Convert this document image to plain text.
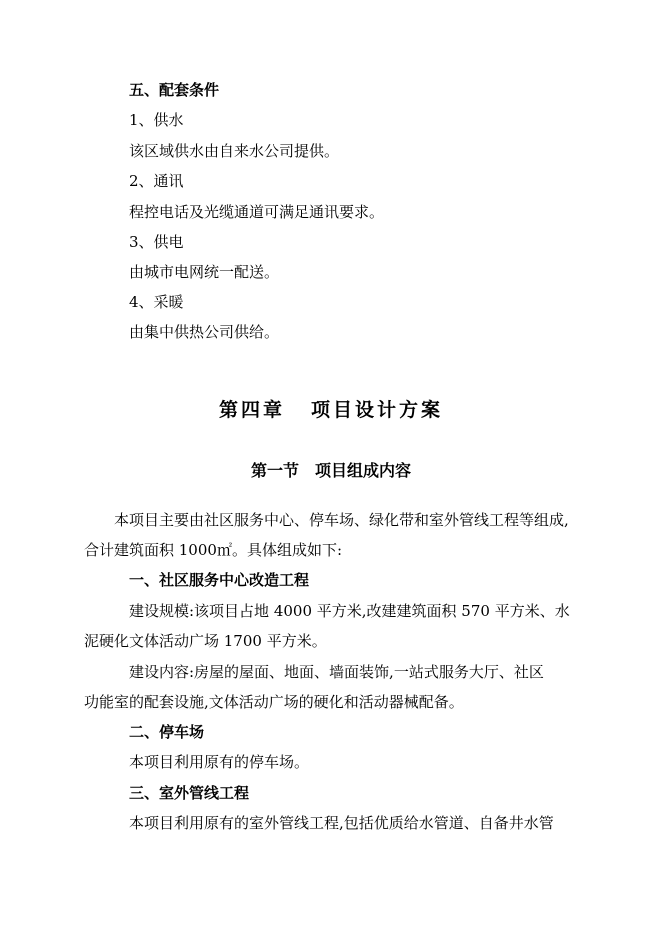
五、配套条件
1、供水
该区域供水由自来水公司提供。
2、通讯
程控电话及光缆通道可满足通讯要求。
3、供电
由城市电网统一配送。
4、采暖
由集中供热公司供给。
第四章 项目设计方案
第一节 项目组成内容
本项目主要由社区服务中心、停车场、绿化带和室外管线工程等组成,
合计建筑面积 1000㎡。具体组成如下:
一、社区服务中心改造工程
建设规模:该项目占地 4000 平方米,改建建筑面积 570 平方米、水
泥硬化文体活动广场 1700 平方米。
建设内容:房屋的屋面、地面、墙面装饰,一站式服务大厅、社区
功能室的配套设施,文体活动广场的硬化和活动器械配备。
二、停车场
本项目利用原有的停车场。
三、室外管线工程
本项目利用原有的室外管线工程,包括优质给水管道、自备井水管
